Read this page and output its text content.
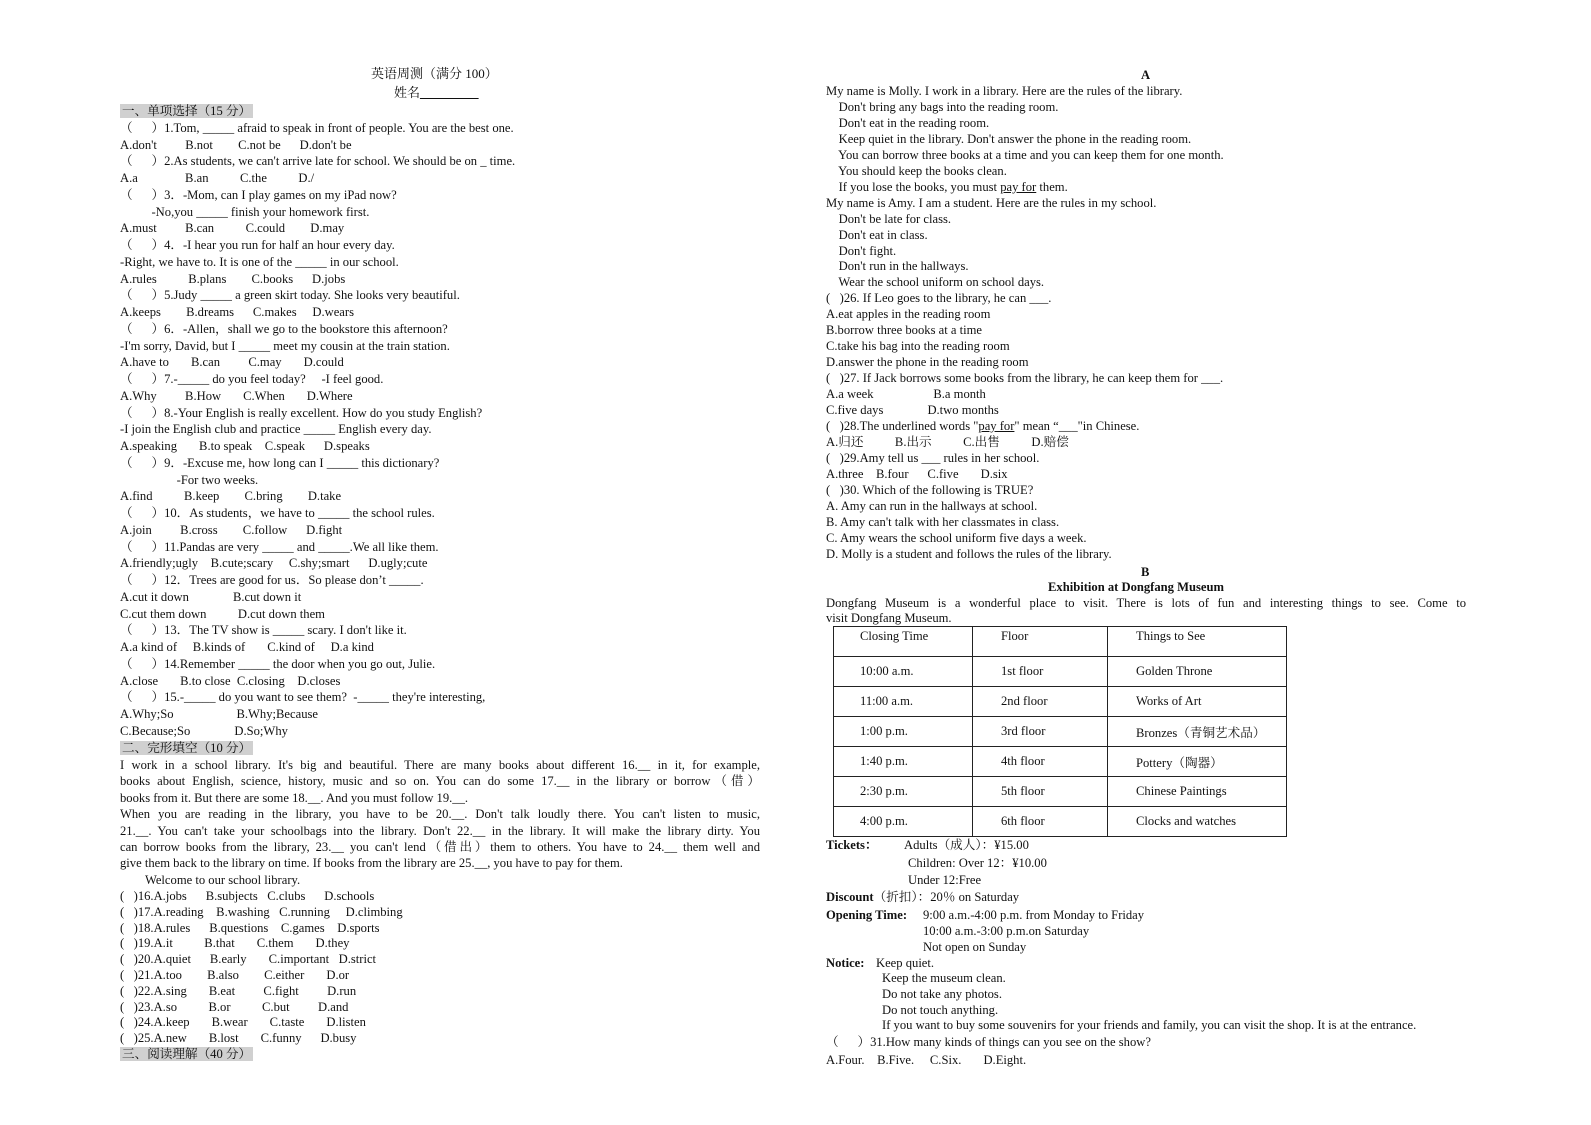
英语周测（满分 100）
姓名_________
一、单项选择（15 分）
（      ）1.Tom, _____ afraid to speak in front of people. You are the best one.
A.don't         B.not        C.not be      D.don't be
（      ）2.As students, we can't arrive late for school. We should be on _ time.
A.a               B.an          C.the          D./
（      ）3．-Mom, can I play games on my iPad now?
-No,you _____ finish your homework first.
A.must         B.can          C.could        D.may
（      ）4．-I hear you run for half an hour every day.
-Right, we have to. It is one of the _____ in our school.
A.rules          B.plans        C.books      D.jobs
（      ）5.Judy _____ a green skirt today. She looks very beautiful.
A.keeps        B.dreams      C.makes     D.wears
（      ）6．-Allen，shall we go to the bookstore this afternoon?
-I'm sorry, David, but I _____ meet my cousin at the train station.
A.have to       B.can         C.may       D.could
（      ）7.-_____ do you feel today?     -I feel good.
A.Why         B.How       C.When       D.Where
（      ）8.-Your English is really excellent. How do you study English?
-I join the English club and practice _____ English every day.
A.speaking       B.to speak    C.speak      D.speaks
（      ）9．-Excuse me, how long can I _____ this dictionary?
-For two weeks.
A.find          B.keep        C.bring        D.take
（      ）10．As students，we have to _____ the school rules.
A.join         B.cross        C.follow      D.fight
（      ）11.Pandas are very _____ and _____.We all like them.
A.friendly;ugly    B.cute;scary     C.shy;smart      D.ugly;cute
（      ）12．Trees are good for us．So please don’t _____.
A.cut it down              B.cut down it
C.cut them down          D.cut down them
（      ）13．The TV show is _____ scary. I don't like it.
A.a kind of     B.kinds of       C.kind of     D.a kind
（      ）14.Remember _____ the door when you go out, Julie.
A.close       B.to close  C.closing    D.closes
（      ）15.-_____ do you want to see them?  -_____ they're interesting,
A.Why;So                    B.Why;Because
C.Because;So              D.So;Why
二、完形填空（10 分）
I work in a school library. It's big and beautiful. There are many books about different 16.__ in it, for example,
books about English, science, history, music and so on. You can do some 17.__ in the library or borrow（借）
books from it. But there are some 18.__. And you must follow 19.__.
When you are reading in the library, you have to be 20.__. Don't talk loudly there. You can't listen to music,
21.__. You can't take your schoolbags into the library. Don't 22.__ in the library. It will make the library dirty. You
can borrow books from the library, 23.__ you can't lend（借出）them to others. You have to 24.__ them well and
give them back to the library on time. If books from the library are 25.__, you have to pay for them.
Welcome to our school library.
(   )16.A.jobs      B.subjects   C.clubs      D.schools
(   )17.A.reading    B.washing   C.running     D.climbing
(   )18.A.rules      B.questions    C.games    D.sports
(   )19.A.it          B.that       C.them       D.they
(   )20.A.quiet      B.early       C.important   D.strict
(   )21.A.too        B.also        C.either       D.or
(   )22.A.sing       B.eat         C.fight         D.run
(   )23.A.so          B.or          C.but         D.and
(   )24.A.keep       B.wear       C.taste       D.listen
(   )25.A.new       B.lost       C.funny      D.busy
三、阅读理解（40 分）
A
My name is Molly. I work in a library. Here are the rules of the library.
Don't bring any bags into the reading room.
Don't eat in the reading room.
Keep quiet in the library. Don't answer the phone in the reading room.
You can borrow three books at a time and you can keep them for one month.
You should keep the books clean.
If you lose the books, you must pay for them.
My name is Amy. I am a student. Here are the rules in my school.
Don't be late for class.
Don't eat in class.
Don't fight.
Don't run in the hallways.
Wear the school uniform on school days.
(   )26. If Leo goes to the library, he can ___.
A.eat apples in the reading room
B.borrow three books at a time
C.take his bag into the reading room
D.answer the phone in the reading room
(   )27. If Jack borrows some books from the library, he can keep them for ___.
A.a week                   B.a month
C.five days              D.two months
(   )28.The underlined words "pay for" mean “___"in Chinese.
A.归还          B.出示          C.出售          D.赔偿
(   )29.Amy tell us ___ rules in her school.
A.three    B.four      C.five       D.six
(   )30. Which of the following is TRUE?
A. Amy can run in the hallways at school.
B. Amy can't talk with her classmates in class.
C. Amy wears the school uniform five days a week.
D. Molly is a student and follows the rules of the library.
B
Exhibition at Dongfang Museum
Dongfang Museum is a wonderful place to visit. There is lots of fun and interesting things to see. Come to
visit Dongfang Museum.
Closing Time	Floor	Things to See
10:00 a.m.	1st floor	Golden Throne
11:00 a.m.	2nd floor	Works of Art
1:00 p.m.	3rd floor	Bronzes（青铜艺术品）
1:40 p.m.	4th floor	Pottery（陶器）
2:30 p.m.	5th floor	Chinese Paintings
4:00 p.m.	6th floor	Clocks and watches
Tickets： Adults（成人）：¥15.00
Children: Over 12：¥10.00
Under 12:Free
Discount（折扣）：20％ on Saturday
Opening Time: 9:00 a.m.-4:00 p.m. from Monday to Friday
10:00 a.m.-3:00 p.m.on Saturday
Not open on Sunday
Notice: Keep quiet.
Keep the museum clean.
Do not take any photos.
Do not touch anything.
If you want to buy some souvenirs for your friends and family, you can visit the shop. It is at the entrance.
（      ）31.How many kinds of things can you see on the show?
A.Four.    B.Five.     C.Six.       D.Eight.
